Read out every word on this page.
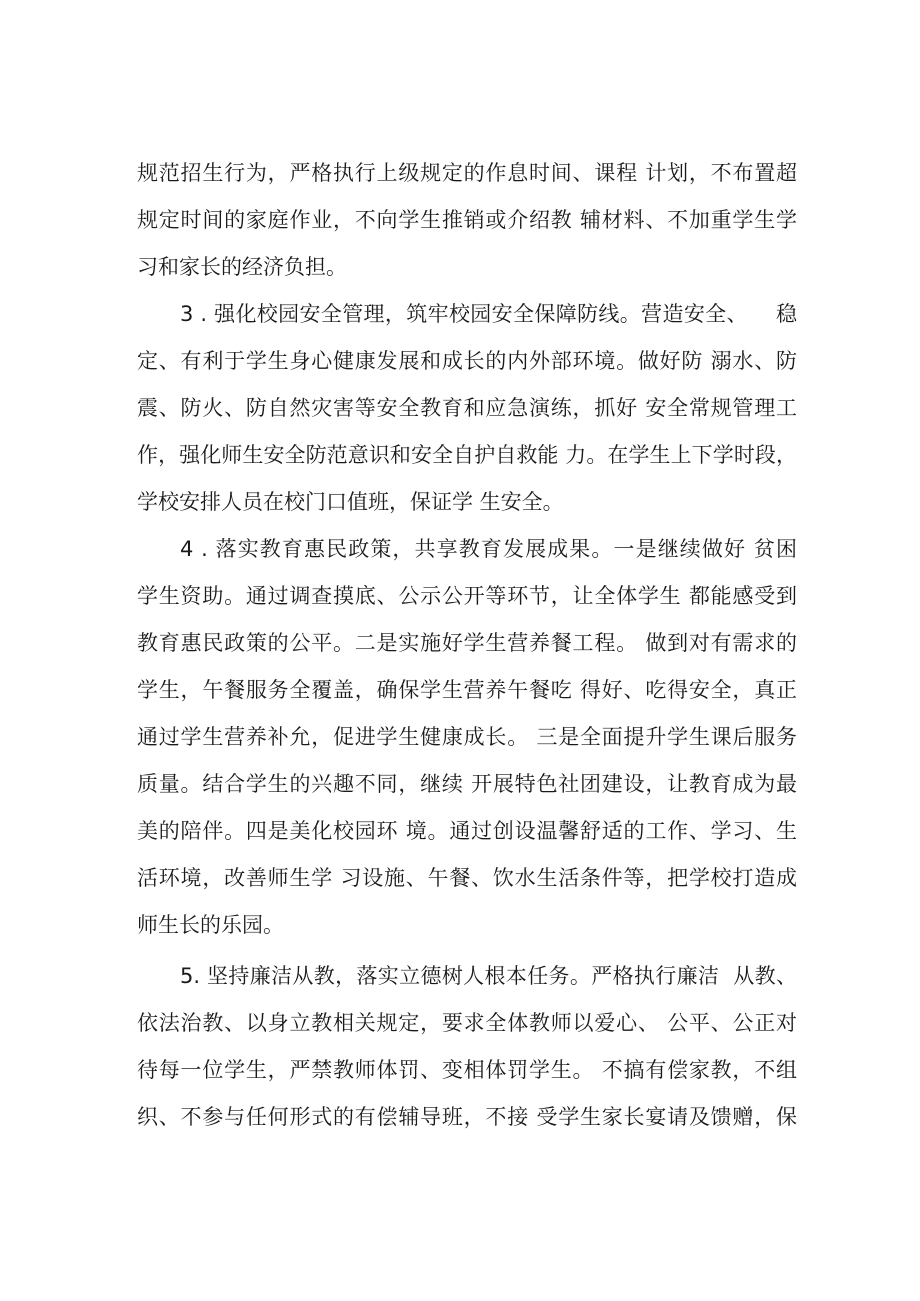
规范招生行为，严格执行上级规定的作息时间、课程 计划，不布置超
规定时间的家庭作业，不向学生推销或介绍教 辅材料、不加重学生学
习和家长的经济负担。
3 . 强化校园安全管理，筑牢校园安全保障防线。营造安全、    稳
定、有利于学生身心健康发展和成长的内外部环境。做好防 溺水、防
震、防火、防自然灾害等安全教育和应急演练，抓好 安全常规管理工
作，强化师生安全防范意识和安全自护自救能 力。在学生上下学时段，
学校安排人员在校门口值班，保证学 生安全。
4 . 落实教育惠民政策，共享教育发展成果。一是继续做好 贫困
学生资助。通过调查摸底、公示公开等环节，让全体学生 都能感受到
教育惠民政策的公平。二是实施好学生营养餐工程。 做到对有需求的
学生，午餐服务全覆盖，确保学生营养午餐吃 得好、吃得安全，真正
通过学生营养补允，促进学生健康成长。 三是全面提升学生课后服务
质量。结合学生的兴趣不同，继续 开展特色社团建设，让教育成为最
美的陪伴。四是美化校园环 境。通过创设温馨舒适的工作、学习、生
活环境，改善师生学 习设施、午餐、饮水生活条件等，把学校打造成
师生长的乐园。
5. 坚持廉洁从教，落实立德树人根本任务。严格执行廉洁  从教、
依法治教、以身立教相关规定，要求全体教师以爱心、 公平、公正对
待每一位学生，严禁教师体罚、变相体罚学生。 不搞有偿家教，不组
织、不参与任何形式的有偿辅导班，不接 受学生家长宴请及馈赠，保
